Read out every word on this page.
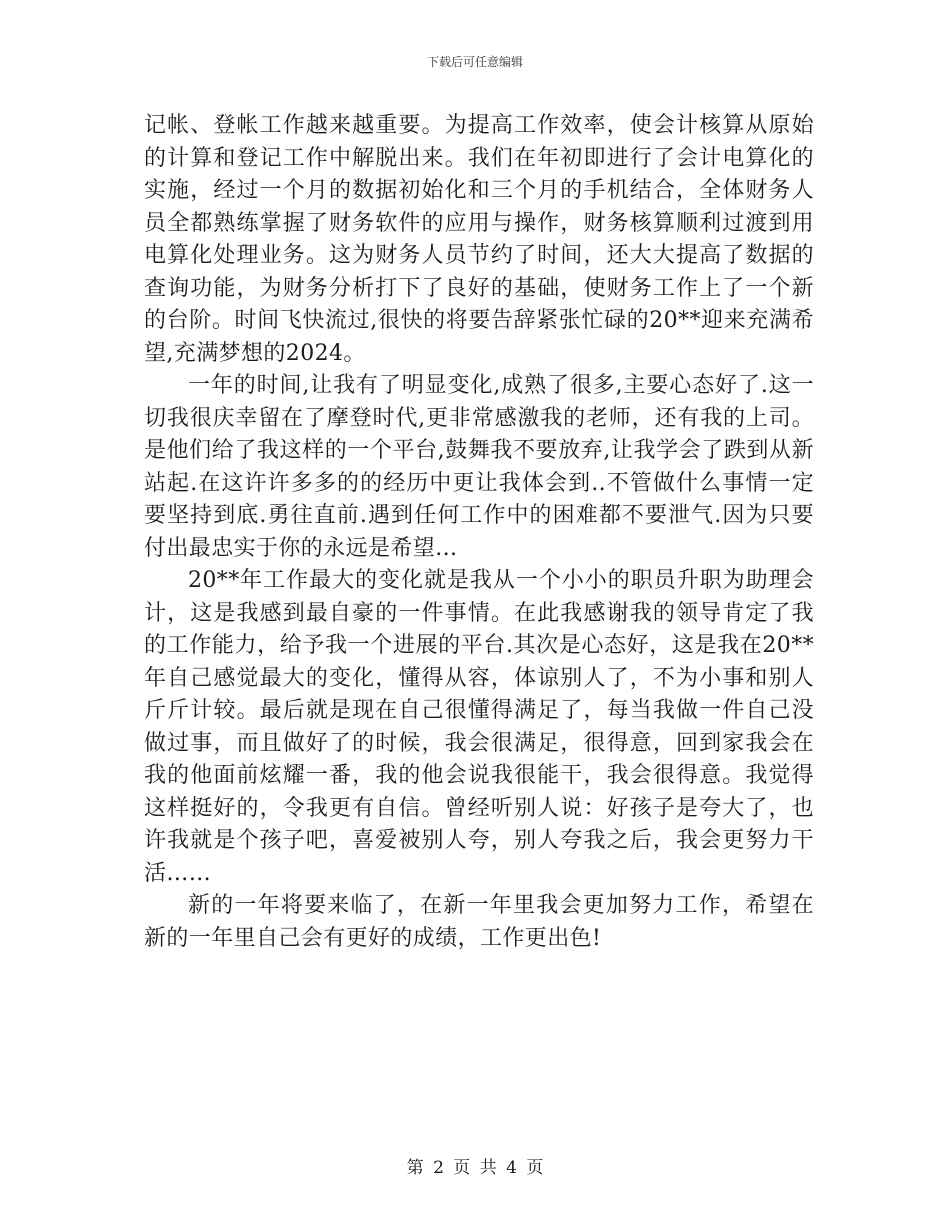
下载后可任意编辑

记帐、登帐工作越来越重要。为提高工作效率，使会计核算从原始的计算和登记工作中解脱出来。我们在年初即进行了会计电算化的实施，经过一个月的数据初始化和三个月的手机结合，全体财务人员全都熟练掌握了财务软件的应用与操作，财务核算顺利过渡到用电算化处理业务。这为财务人员节约了时间，还大大提高了数据的查询功能，为财务分析打下了良好的基础，使财务工作上了一个新的台阶。时间飞快流过,很快的将要告辞紧张忙碌的20**迎来充满希望,充满梦想的2024。

一年的时间,让我有了明显变化,成熟了很多,主要心态好了.这一切我很庆幸留在了摩登时代,更非常感激我的老师，还有我的上司。是他们给了我这样的一个平台,鼓舞我不要放弃,让我学会了跌到从新站起.在这许许多多的的经历中更让我体会到..不管做什么事情一定要坚持到底.勇往直前.遇到任何工作中的困难都不要泄气.因为只要付出最忠实于你的永远是希望...

20**年工作最大的变化就是我从一个小小的职员升职为助理会计，这是我感到最自豪的一件事情。在此我感谢我的领导肯定了我的工作能力，给予我一个进展的平台.其次是心态好，这是我在20**年自己感觉最大的变化，懂得从容，体谅别人了，不为小事和别人斤斤计较。最后就是现在自己很懂得满足了，每当我做一件自己没做过事，而且做好了的时候，我会很满足，很得意，回到家我会在我的他面前炫耀一番，我的他会说我很能干，我会很得意。我觉得这样挺好的，令我更有自信。曾经听别人说：好孩子是夸大了，也许我就是个孩子吧，喜爱被别人夸，别人夸我之后，我会更努力干活……

新的一年将要来临了，在新一年里我会更加努力工作，希望在新的一年里自己会有更好的成绩，工作更出色!

第 2 页 共 4 页
